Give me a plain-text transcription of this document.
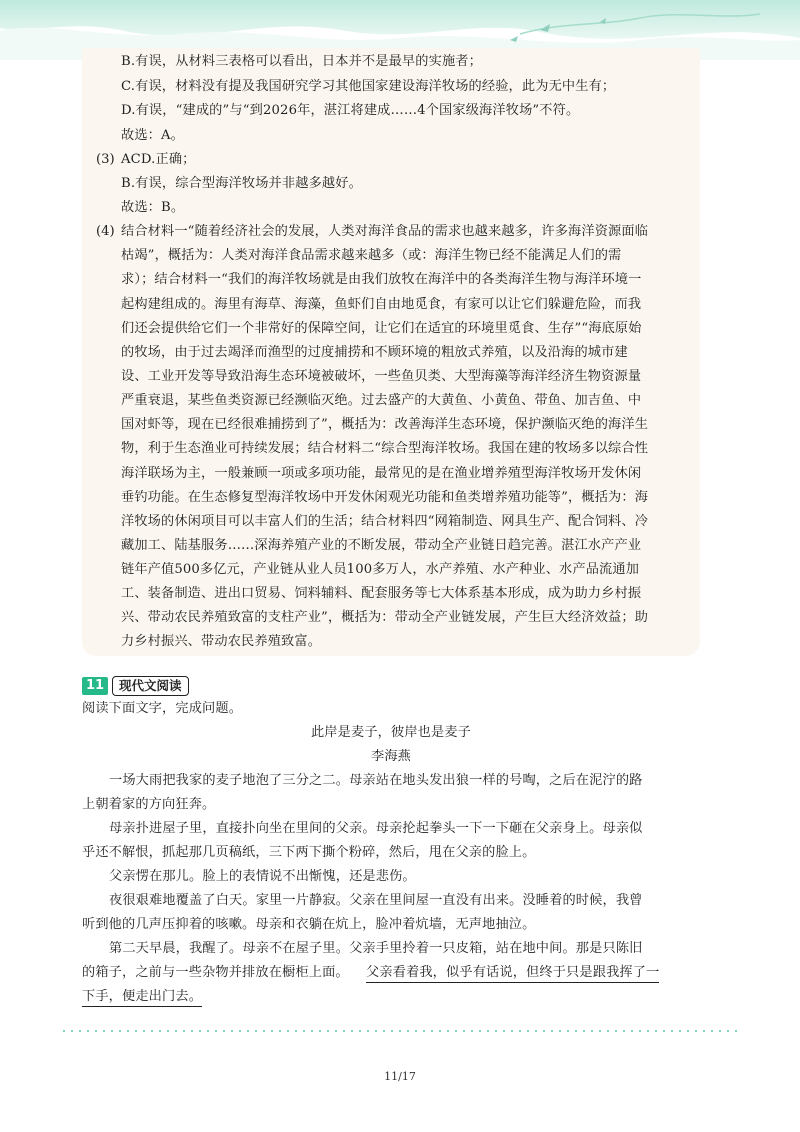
B.有误，从材料三表格可以看出，日本并不是最早的实施者；
C.有误，材料没有提及我国研究学习其他国家建设海洋牧场的经验，此为无中生有；
D.有误，“建成的”与“到2026年，湛江将建成……4个国家级海洋牧场”不符。
故选：A。
(3) ACD.正确；
B.有误，综合型海洋牧场并非越多越好。
故选：B。
(4) 结合材料一“随着经济社会的发展，人类对海洋食品的需求也越来越多，许多海洋资源面临
枯竭”，概括为：人类对海洋食品需求越来越多（或：海洋生物已经不能满足人们的需
求）；结合材料一“我们的海洋牧场就是由我们放牧在海洋中的各类海洋生物与海洋环境一
起构建组成的。海里有海草、海藻，鱼虾们自由地觅食，有家可以让它们躲避危险，而我
们还会提供给它们一个非常好的保障空间，让它们在适宜的环境里觅食、生存”“海底原始
的牧场，由于过去竭泽而渔型的过度捕捞和不顾环境的粗放式养殖，以及沿海的城市建
设、工业开发等导致沿海生态环境被破坏，一些鱼贝类、大型海藻等海洋经济生物资源量
严重衰退，某些鱼类资源已经濒临灭绝。过去盛产的大黄鱼、小黄鱼、带鱼、加吉鱼、中
国对虾等，现在已经很难捕捞到了”，概括为：改善海洋生态环境，保护濒临灭绝的海洋生
物，利于生态渔业可持续发展；结合材料二“综合型海洋牧场。我国在建的牧场多以综合性
海洋联场为主，一般兼顾一项或多项功能，最常见的是在渔业增养殖型海洋牧场开发休闲
垂钓功能。在生态修复型海洋牧场中开发休闲观光功能和鱼类增养殖功能等”，概括为：海
洋牧场的休闲项目可以丰富人们的生活；结合材料四“网箱制造、网具生产、配合饲料、冷
藏加工、陆基服务……深海养殖产业的不断发展，带动全产业链日趋完善。湛江水产产业
链年产值500多亿元，产业链从业人员100多万人，水产养殖、水产种业、水产品流通加
工、装备制造、进出口贸易、饲料辅料、配套服务等七大体系基本形成，成为助力乡村振
兴、带动农民养殖致富的支柱产业”，概括为：带动全产业链发展，产生巨大经济效益；助
力乡村振兴、带动农民养殖致富。
11	现代文阅读
阅读下面文字，完成问题。
此岸是麦子，彼岸也是麦子
李海燕
一场大雨把我家的麦子地泡了三分之二。母亲站在地头发出狼一样的号啕，之后在泥泞的路
上朝着家的方向狂奔。
母亲扑进屋子里，直接扑向坐在里间的父亲。母亲抡起拳头一下一下砸在父亲身上。母亲似
乎还不解恨，抓起那几页稿纸，三下两下撕个粉碎，然后，甩在父亲的脸上。
父亲愣在那儿。脸上的表情说不出惭愧，还是悲伤。
夜很艰难地覆盖了白天。家里一片静寂。父亲在里间屋一直没有出来。没睡着的时候，我曾
听到他的几声压抑着的咳嗽。母亲和衣躺在炕上，脸冲着炕墙，无声地抽泣。
第二天早晨，我醒了。母亲不在屋子里。父亲手里拎着一只皮箱，站在地中间。那是只陈旧
的箱子，之前与一些杂物并排放在橱柜上面。 父亲看着我，似乎有话说，但终于只是跟我挥了一
下手，便走出门去。
11/17
